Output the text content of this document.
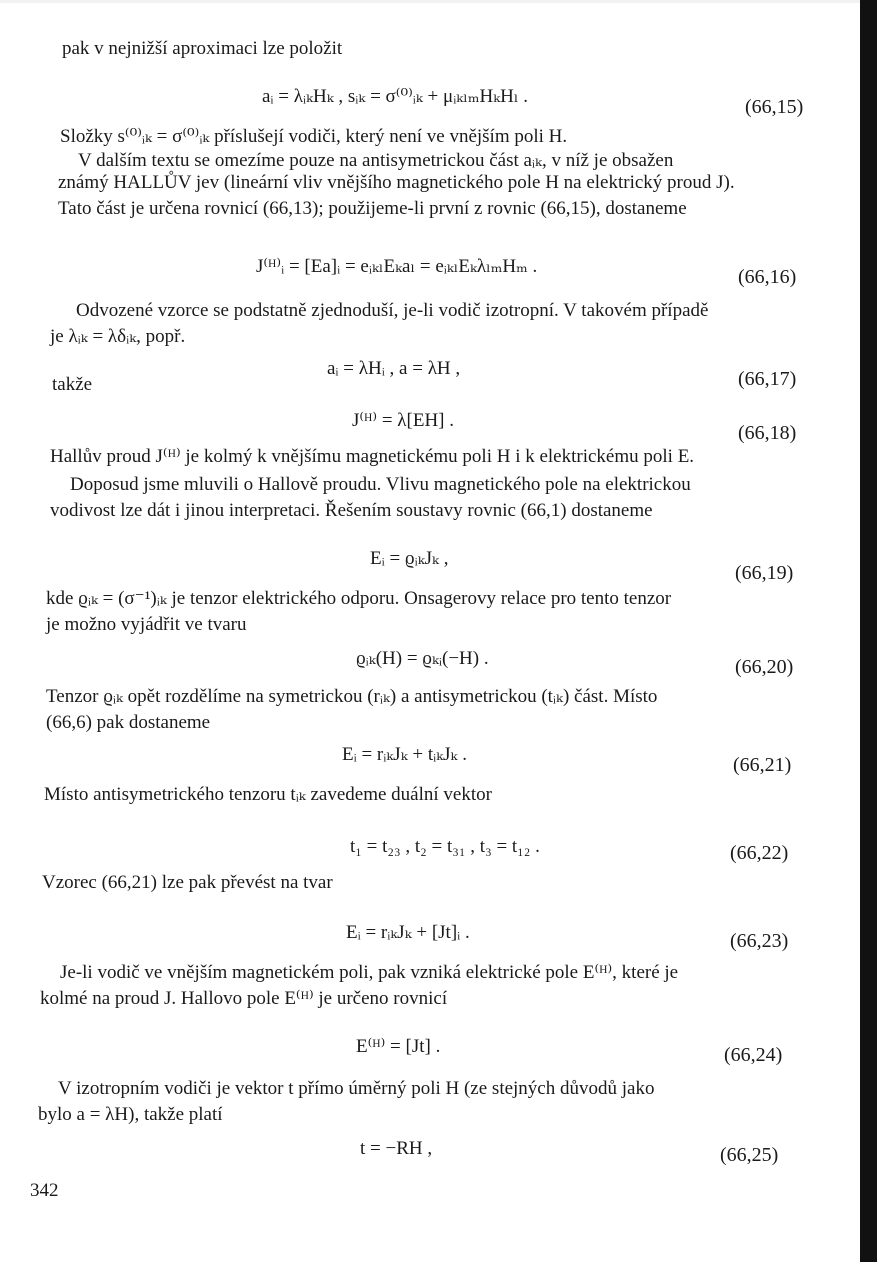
pak v nejnižší aproximaci lze položit
aᵢ = λᵢₖHₖ , sᵢₖ = σ⁽⁰⁾ᵢₖ + μᵢₖₗₘHₖHₗ .	(66,15)
Složky s⁽⁰⁾ᵢₖ = σ⁽⁰⁾ᵢₖ příslušejí vodiči, který není ve vnějším poli H.
V dalším textu se omezíme pouze na antisymetrickou část aᵢₖ, v níž je obsažen
známý HALLŮV jev (lineární vliv vnějšího magnetického pole H na elektrický proud J).
Tato část je určena rovnicí (66,13); použijeme-li první z rovnic (66,15), dostaneme
J⁽ᴴ⁾ᵢ = [Ea]ᵢ = eᵢₖₗEₖaₗ = eᵢₖₗEₖλₗₘHₘ .	(66,16)
Odvozené vzorce se podstatně zjednoduší, je-li vodič izotropní. V takovém případě
je λᵢₖ = λδᵢₖ, popř.
aᵢ = λHᵢ , a = λH ,
takže	(66,17)
J⁽ᴴ⁾ = λ[EH] .
(66,18)
Hallův proud J⁽ᴴ⁾ je kolmý k vnějšímu magnetickému poli H i k elektrickému poli E.
Doposud jsme mluvili o Hallově proudu. Vlivu magnetického pole na elektrickou
vodivost lze dát i jinou interpretaci. Řešením soustavy rovnic (66,1) dostaneme
Eᵢ = ϱᵢₖJₖ ,
(66,19)
kde ϱᵢₖ = (σ⁻¹)ᵢₖ je tenzor elektrického odporu. Onsagerovy relace pro tento tenzor
je možno vyjádřit ve tvaru
ϱᵢₖ(H) = ϱₖᵢ(−H) .	(66,20)
Tenzor ϱᵢₖ opět rozdělíme na symetrickou (rᵢₖ) a antisymetrickou (tᵢₖ) část. Místo
(66,6) pak dostaneme
Eᵢ = rᵢₖJₖ + tᵢₖJₖ .	(66,21)
Místo antisymetrického tenzoru tᵢₖ zavedeme duální vektor
t₁ = t₂₃ , t₂ = t₃₁ , t₃ = t₁₂ .	(66,22)
Vzorec (66,21) lze pak převést na tvar
Eᵢ = rᵢₖJₖ + [Jt]ᵢ .	(66,23)
Je-li vodič ve vnějším magnetickém poli, pak vzniká elektrické pole E⁽ᴴ⁾, které je
kolmé na proud J. Hallovo pole E⁽ᴴ⁾ je určeno rovnicí
E⁽ᴴ⁾ = [Jt] .	(66,24)
V izotropním vodiči je vektor t přímo úměrný poli H (ze stejných důvodů jako
bylo a = λH), takže platí
t = −RH ,	(66,25)
342
